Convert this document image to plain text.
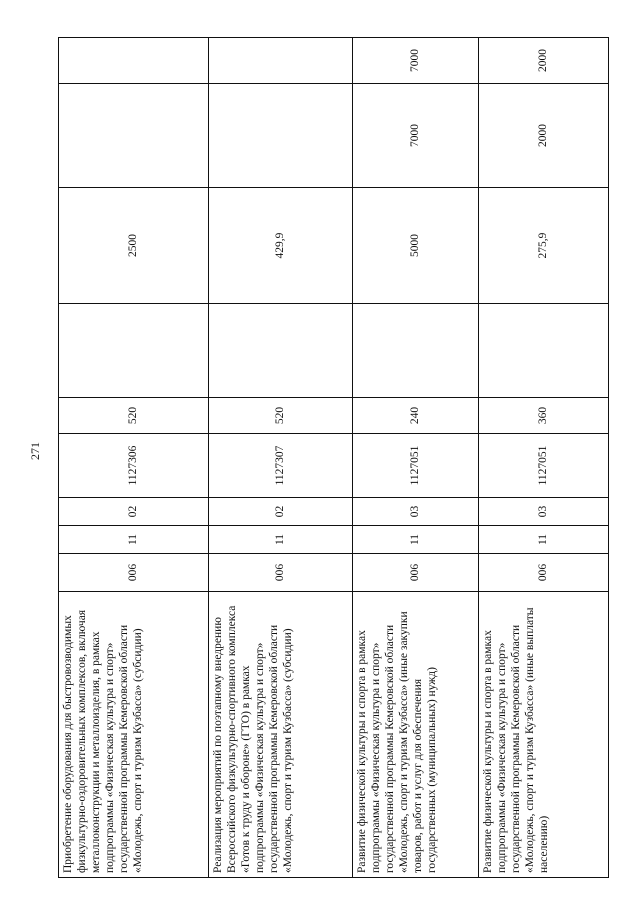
271
Приобретение оборудования для быстровозводимых физкультурно-оздоровительных комплексов, включая металлоконструкции и металлоизделия, в рамках подпрограммы «Физическая культура и спорт» государственной программы Кемеровской области «Молодежь, спорт и туризм Кузбасса» (субсидии)	006	11	02	1127306	520		2500		
Реализация мероприятий по поэтапному внедрению Всероссийского физкультурно-спортивного комплекса «Готов к труду и обороне» (ГТО) в рамках подпрограммы «Физическая культура и спорт» государственной программы Кемеровской области «Молодежь, спорт и туризм Кузбасса» (субсидии)	006	11	02	1127307	520		429,9		
Развитие физической культуры и спорта в рамках подпрограммы «Физическая культура и спорт» государственной программы Кемеровской области «Молодежь, спорт и туризм Кузбасса» (иные закупки товаров, работ и услуг для обеспечения государственных (муниципальных) нужд)	006	11	03	1127051	240		5000	7000	7000
Развитие физической культуры и спорта в рамках подпрограммы «Физическая культура и спорт» государственной программы Кемеровской области «Молодежь, спорт и туризм Кузбасса» (иные выплаты населению)	006	11	03	1127051	360		275,9	2000	2000
